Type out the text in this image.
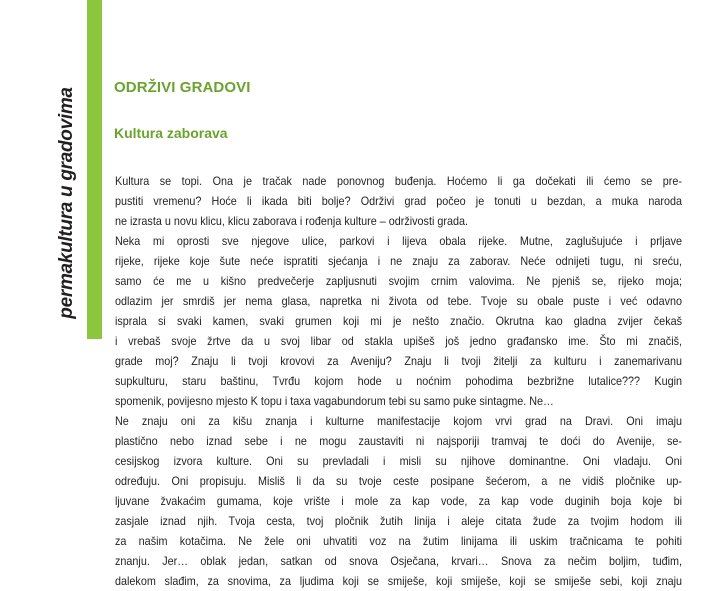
permakultura u gradovima ODRŽIVI GRADOVI
Kultura zaborava
Kultura se topi. Ona je tračak nade ponovnog buđenja. Hoćemo li ga dočekati ili ćemo se pre-
pustiti vremenu? Hoće li ikada biti bolje? Održivi grad počeo je tonuti u bezdan, a muka naroda
ne izrasta u novu klicu, klicu zaborava i rođenja kulture – održivosti grada.
Neka mi oprosti sve njegove ulice, parkovi i lijeva obala rijeke. Mutne, zaglušujuće i prljave
rijeke, rijeke koje šute neće ispratiti sjećanja i ne znaju za zaborav. Neće odnijeti tugu, ni sreću,
samo će me u kišno predvečerje zapljusnuti svojim crnim valovima. Ne pjeniš se, rijeko moja;
odlazim jer smrdiš jer nema glasa, napretka ni života od tebe. Tvoje su obale puste i već odavno
isprala si svaki kamen, svaki grumen koji mi je nešto značio. Okrutna kao gladna zvijer čekaš
i vrebaš svoje žrtve da u svoj libar od stakla upišeš još jedno građansko ime. Što mi značiš,
grade moj? Znaju li tvoji krovovi za Aveniju? Znaju li tvoji žitelji za kulturu i zanemarivanu
supkulturu, staru baštinu, Tvrđu kojom hode u noćnim pohodima bezbrižne lutalice??? Kugin
spomenik, povijesno mjesto K topu i taxa vagabundorum tebi su samo puke sintagme. Ne…
Ne znaju oni za kišu znanja i kulturne manifestacije kojom vrvi grad na Dravi. Oni imaju
plastično nebo iznad sebe i ne mogu zaustaviti ni najsporiji tramvaj te doći do Avenije, se-
cesijskog izvora kulture. Oni su prevladali i misli su njihove dominantne. Oni vladaju. Oni
određuju. Oni propisuju. Misliš li da su tvoje ceste posipane šećerom, a ne vidiš pločnike up-
ljuvane žvakaćim gumama, koje vrište i mole za kap vode, za kap vode duginih boja koje bi
zasjale iznad njih. Tvoja cesta, tvoj pločnik žutih linija i aleje citata žude za tvojim hodom ili
za našim kotačima. Ne žele oni uhvatiti voz na žutim linijama ili uskim tračnicama te pohiti
znanju. Jer… oblak jedan, satkan od snova Osječana, krvari… Snova za nečim boljim, tuđim,
dalekom slađim, za snovima, za ljudima koji se smiješe, koji smiješe, koji se smiješe sebi, koji znaju
